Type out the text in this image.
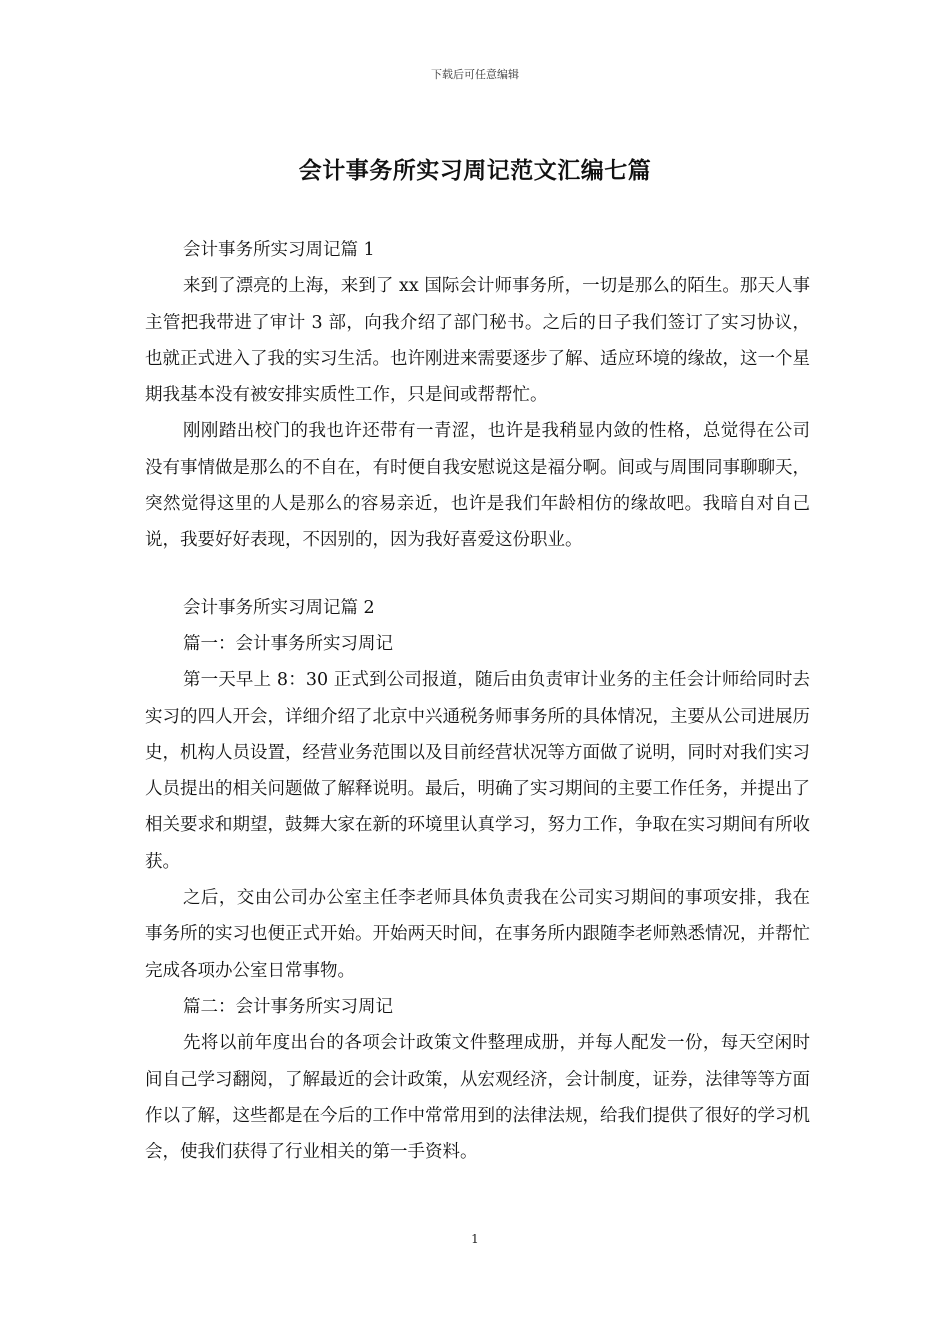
下载后可任意编辑
会计事务所实习周记范文汇编七篇

会计事务所实习周记篇 1

来到了漂亮的上海，来到了 xx 国际会计师事务所，一切是那么的陌生。那天人事主管把我带进了审计 3 部，向我介绍了部门秘书。之后的日子我们签订了实习协议，也就正式进入了我的实习生活。也许刚进来需要逐步了解、适应环境的缘故，这一个星期我基本没有被安排实质性工作，只是间或帮帮忙。

刚刚踏出校门的我也许还带有一青涩，也许是我稍显内敛的性格，总觉得在公司没有事情做是那么的不自在，有时便自我安慰说这是福分啊。间或与周围同事聊聊天，突然觉得这里的人是那么的容易亲近，也许是我们年龄相仿的缘故吧。我暗自对自己说，我要好好表现，不因别的，因为我好喜爱这份职业。

会计事务所实习周记篇 2

篇一：会计事务所实习周记

第一天早上 8：30 正式到公司报道，随后由负责审计业务的主任会计师给同时去实习的四人开会，详细介绍了北京中兴通税务师事务所的具体情况，主要从公司进展历史，机构人员设置，经营业务范围以及目前经营状况等方面做了说明，同时对我们实习人员提出的相关问题做了解释说明。最后，明确了实习期间的主要工作任务，并提出了相关要求和期望，鼓舞大家在新的环境里认真学习，努力工作，争取在实习期间有所收获。

之后，交由公司办公室主任李老师具体负责我在公司实习期间的事项安排，我在事务所的实习也便正式开始。开始两天时间，在事务所内跟随李老师熟悉情况，并帮忙完成各项办公室日常事物。

篇二：会计事务所实习周记

先将以前年度出台的各项会计政策文件整理成册，并每人配发一份，每天空闲时间自己学习翻阅，了解最近的会计政策，从宏观经济，会计制度，证券，法律等等方面作以了解，这些都是在今后的工作中常常用到的法律法规，给我们提供了很好的学习机会，使我们获得了行业相关的第一手资料。

1
